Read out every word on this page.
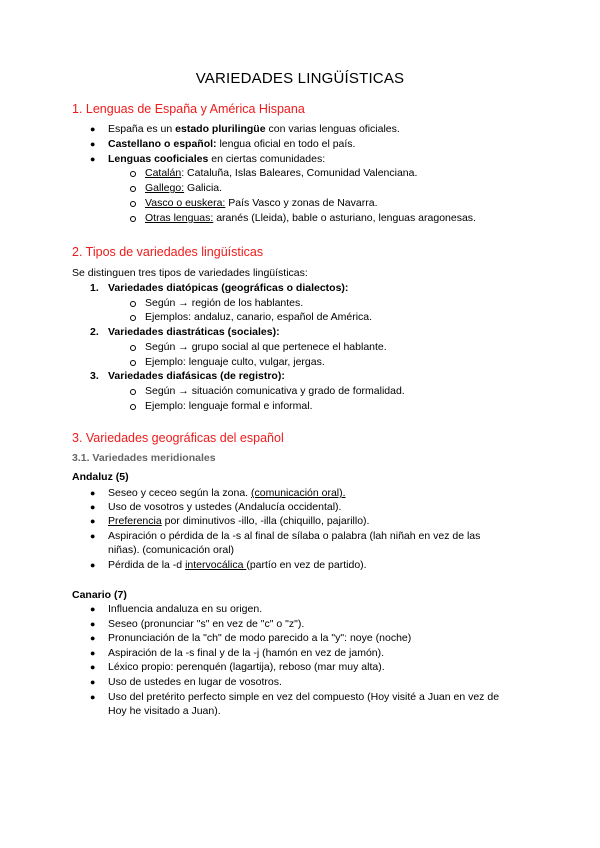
VARIEDADES LINGÜÍSTICAS
1. Lenguas de España y América Hispana
● España es un estado plurilingüe con varias lenguas oficiales.
● Castellano o español: lengua oficial en todo el país.
● Lenguas cooficiales en ciertas comunidades:
Catalán: Cataluña, Islas Baleares, Comunidad Valenciana.
Gallego: Galicia.
Vasco o euskera: País Vasco y zonas de Navarra.
Otras lenguas: aranés (Lleida), bable o asturiano, lenguas aragonesas.
2. Tipos de variedades lingüísticas
Se distinguen tres tipos de variedades lingüísticas:
1. Variedades diatópicas (geográficas o dialectos):
Según → región de los hablantes.
Ejemplos: andaluz, canario, español de América.
2. Variedades diastráticas (sociales):
Según → grupo social al que pertenece el hablante.
Ejemplo: lenguaje culto, vulgar, jergas.
3. Variedades diafásicas (de registro):
Según → situación comunicativa y grado de formalidad.
Ejemplo: lenguaje formal e informal.
3. Variedades geográficas del español
3.1. Variedades meridionales
Andaluz (5)
● Seseo y ceceo según la zona. (comunicación oral).
● Uso de vosotros y ustedes (Andalucía occidental).
● Preferencia por diminutivos -illo, -illa (chiquillo, pajarillo).
● Aspiración o pérdida de la -s al final de sílaba o palabra (lah niñah en vez de las
niñas). (comunicación oral)
● Pérdida de la -d intervocálica (partío en vez de partido).
Canario (7)
● Influencia andaluza en su origen.
● Seseo (pronunciar "s" en vez de "c" o "z").
● Pronunciación de la "ch" de modo parecido a la "y": noye (noche)
● Aspiración de la -s final y de la -j (hamón en vez de jamón).
● Léxico propio: perenquén (lagartija), reboso (mar muy alta).
● Uso de ustedes en lugar de vosotros.
● Uso del pretérito perfecto simple en vez del compuesto (Hoy visité a Juan en vez de
Hoy he visitado a Juan).
